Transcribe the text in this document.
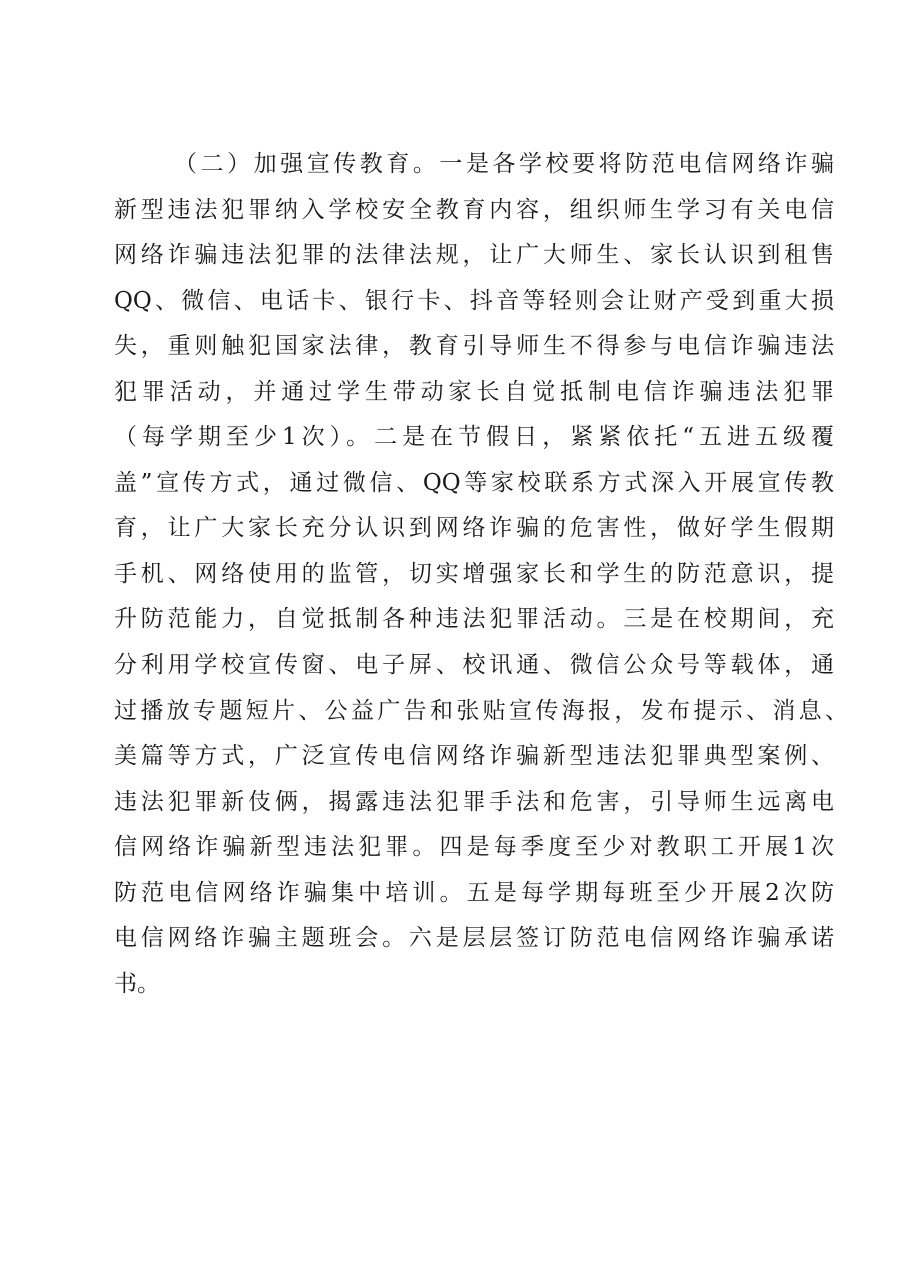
（二）加强宣传教育。一是各学校要将防范电信网络诈骗
新型违法犯罪纳入学校安全教育内容，组织师生学习有关电信
网络诈骗违法犯罪的法律法规，让广大师生、家长认识到租售
QQ、微信、电话卡、银行卡、抖音等轻则会让财产受到重大损
失，重则触犯国家法律，教育引导师生不得参与电信诈骗违法
犯罪活动，并通过学生带动家长自觉抵制电信诈骗违法犯罪
（每学期至少1次）。二是在节假日，紧紧依托“五进五级覆
盖”宣传方式，通过微信、QQ等家校联系方式深入开展宣传教
育，让广大家长充分认识到网络诈骗的危害性，做好学生假期
手机、网络使用的监管，切实增强家长和学生的防范意识，提
升防范能力，自觉抵制各种违法犯罪活动。三是在校期间，充
分利用学校宣传窗、电子屏、校讯通、微信公众号等载体，通
过播放专题短片、公益广告和张贴宣传海报，发布提示、消息、
美篇等方式，广泛宣传电信网络诈骗新型违法犯罪典型案例、
违法犯罪新伎俩，揭露违法犯罪手法和危害，引导师生远离电
信网络诈骗新型违法犯罪。四是每季度至少对教职工开展1次
防范电信网络诈骗集中培训。五是每学期每班至少开展2次防
电信网络诈骗主题班会。六是层层签订防范电信网络诈骗承诺
书。
